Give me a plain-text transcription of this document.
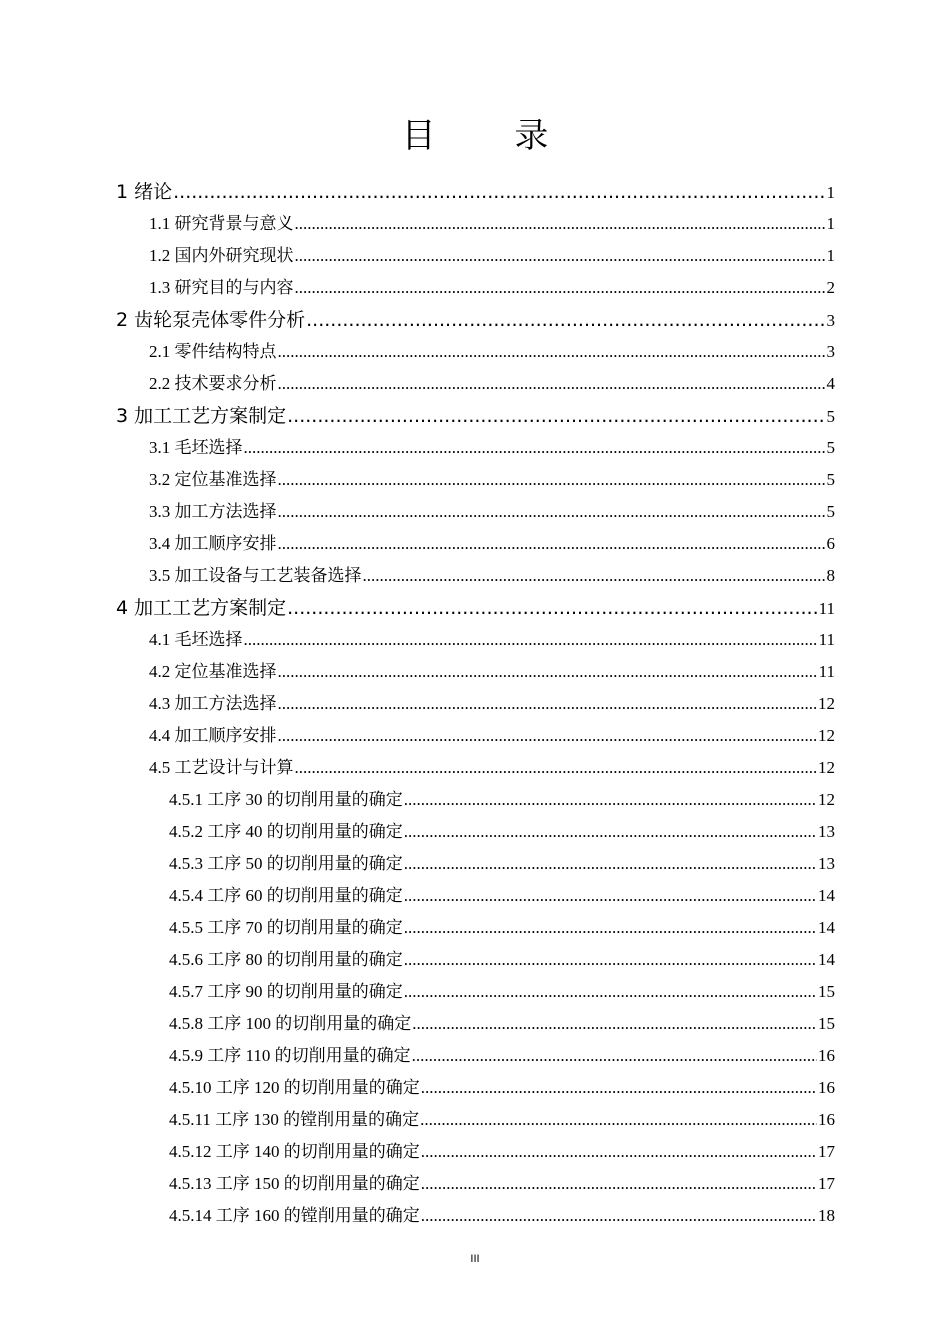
目 录
1 绪论 .....	1
1.1 研究背景与意义 .....	1
1.2 国内外研究现状 .....	1
1.3 研究目的与内容 .....	2
2 齿轮泵壳体零件分析 .....	3
2.1 零件结构特点 .....	3
2.2 技术要求分析 .....	4
3 加工工艺方案制定 .....	5
3.1 毛坯选择 .....	5
3.2 定位基准选择 .....	5
3.3 加工方法选择 .....	5
3.4 加工顺序安排 .....	6
3.5 加工设备与工艺装备选择 .....	8
4 加工工艺方案制定 .....	11
4.1 毛坯选择 .....	11
4.2 定位基准选择 .....	11
4.3 加工方法选择 .....	12
4.4 加工顺序安排 .....	12
4.5 工艺设计与计算 .....	12
4.5.1 工序 30 的切削用量的确定 .....	12
4.5.2 工序 40 的切削用量的确定 .....	13
4.5.3 工序 50 的切削用量的确定 .....	13
4.5.4 工序 60 的切削用量的确定 .....	14
4.5.5 工序 70 的切削用量的确定 .....	14
4.5.6 工序 80 的切削用量的确定 .....	14
4.5.7 工序 90 的切削用量的确定 .....	15
4.5.8 工序 100 的切削用量的确定 .....	15
4.5.9 工序 110 的切削用量的确定 .....	16
4.5.10 工序 120 的切削用量的确定 .....	16
4.5.11 工序 130 的镗削用量的确定 .....	16
4.5.12 工序 140 的切削用量的确定 .....	17
4.5.13 工序 150 的切削用量的确定 .....	17
4.5.14 工序 160 的镗削用量的确定 .....	18
III
